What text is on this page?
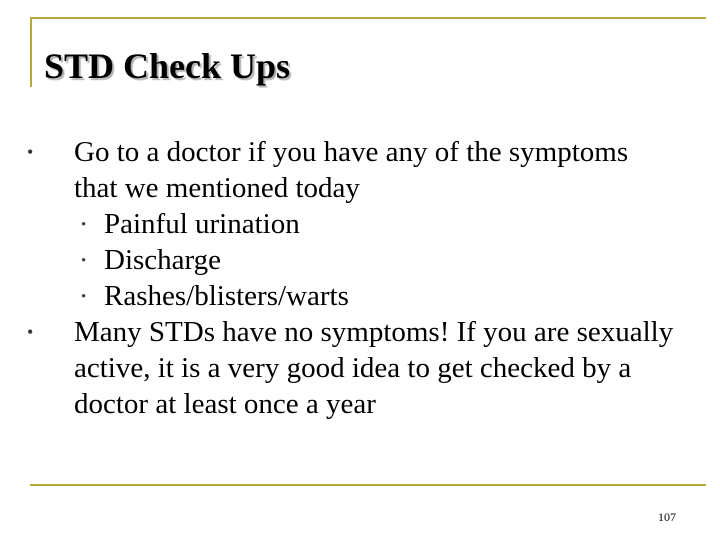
STD Check Ups
• Go to a doctor if you have any of the symptoms that we mentioned today
• Painful urination
• Discharge
• Rashes/blisters/warts
• Many STDs have no symptoms! If you are sexually active, it is a very good idea to get checked by a doctor at least once a year
107
